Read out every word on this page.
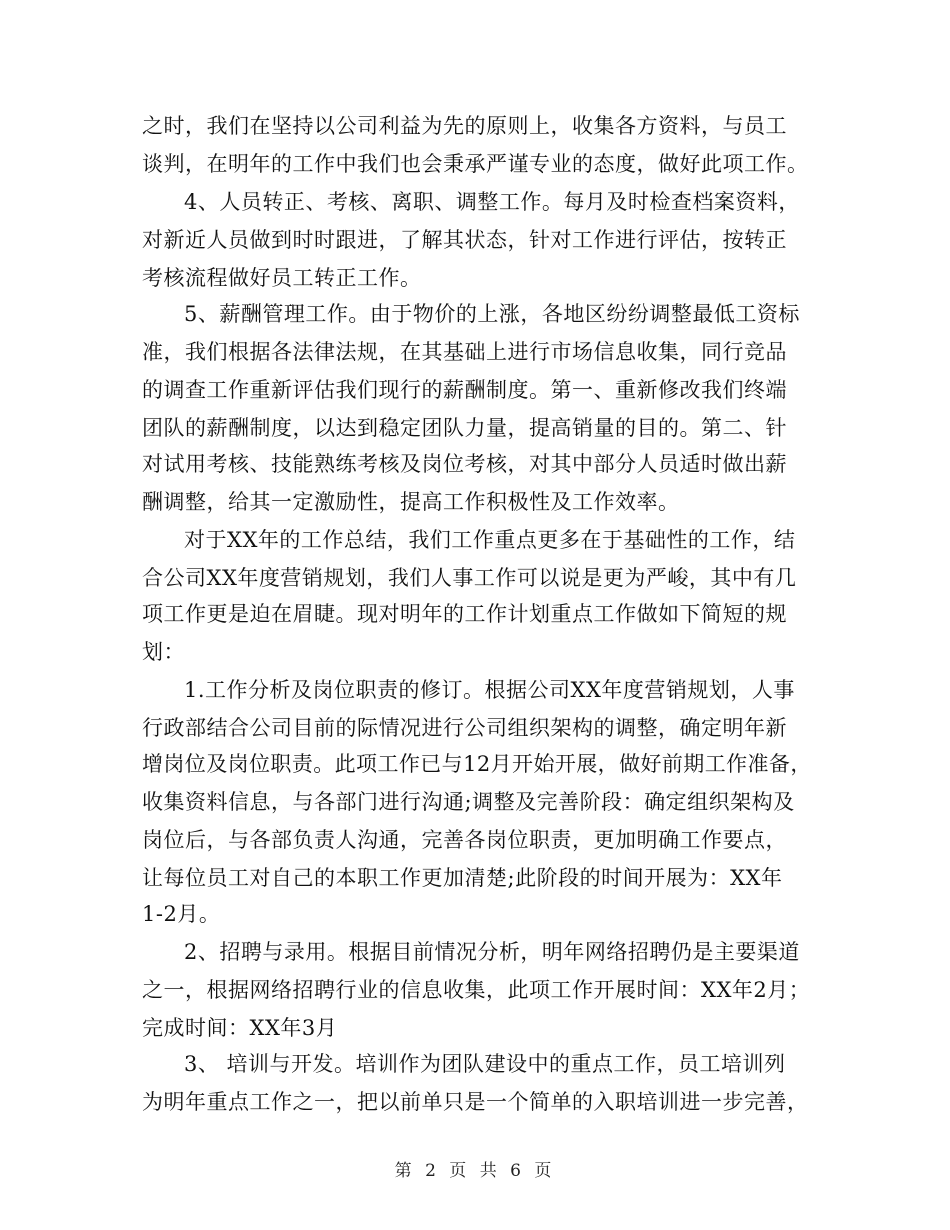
之时，我们在坚持以公司利益为先的原则上，收集各方资料，与员工
谈判，在明年的工作中我们也会秉承严谨专业的态度，做好此项工作。
4、人员转正、考核、离职、调整工作。每月及时检查档案资料，
对新近人员做到时时跟进，了解其状态，针对工作进行评估，按转正
考核流程做好员工转正工作。
5、薪酬管理工作。由于物价的上涨，各地区纷纷调整最低工资标
准，我们根据各法律法规，在其基础上进行市场信息收集，同行竞品
的调查工作重新评估我们现行的薪酬制度。第一、重新修改我们终端
团队的薪酬制度，以达到稳定团队力量，提高销量的目的。第二、针
对试用考核、技能熟练考核及岗位考核，对其中部分人员适时做出薪
酬调整，给其一定激励性，提高工作积极性及工作效率。
对于XX年的工作总结，我们工作重点更多在于基础性的工作，结
合公司XX年度营销规划，我们人事工作可以说是更为严峻，其中有几
项工作更是迫在眉睫。现对明年的工作计划重点工作做如下简短的规
划：
1.工作分析及岗位职责的修订。根据公司XX年度营销规划，人事
行政部结合公司目前的际情况进行公司组织架构的调整，确定明年新
增岗位及岗位职责。此项工作已与12月开始开展，做好前期工作准备，
收集资料信息，与各部门进行沟通;调整及完善阶段：确定组织架构及
岗位后，与各部负责人沟通，完善各岗位职责，更加明确工作要点，
让每位员工对自己的本职工作更加清楚;此阶段的时间开展为：XX年
1-2月。
2、招聘与录用。根据目前情况分析，明年网络招聘仍是主要渠道
之一，根据网络招聘行业的信息收集，此项工作开展时间：XX年2月；
完成时间：XX年3月
3、 培训与开发。培训作为团队建设中的重点工作，员工培训列
为明年重点工作之一，把以前单只是一个简单的入职培训进一步完善，
第 2 页 共 6 页
